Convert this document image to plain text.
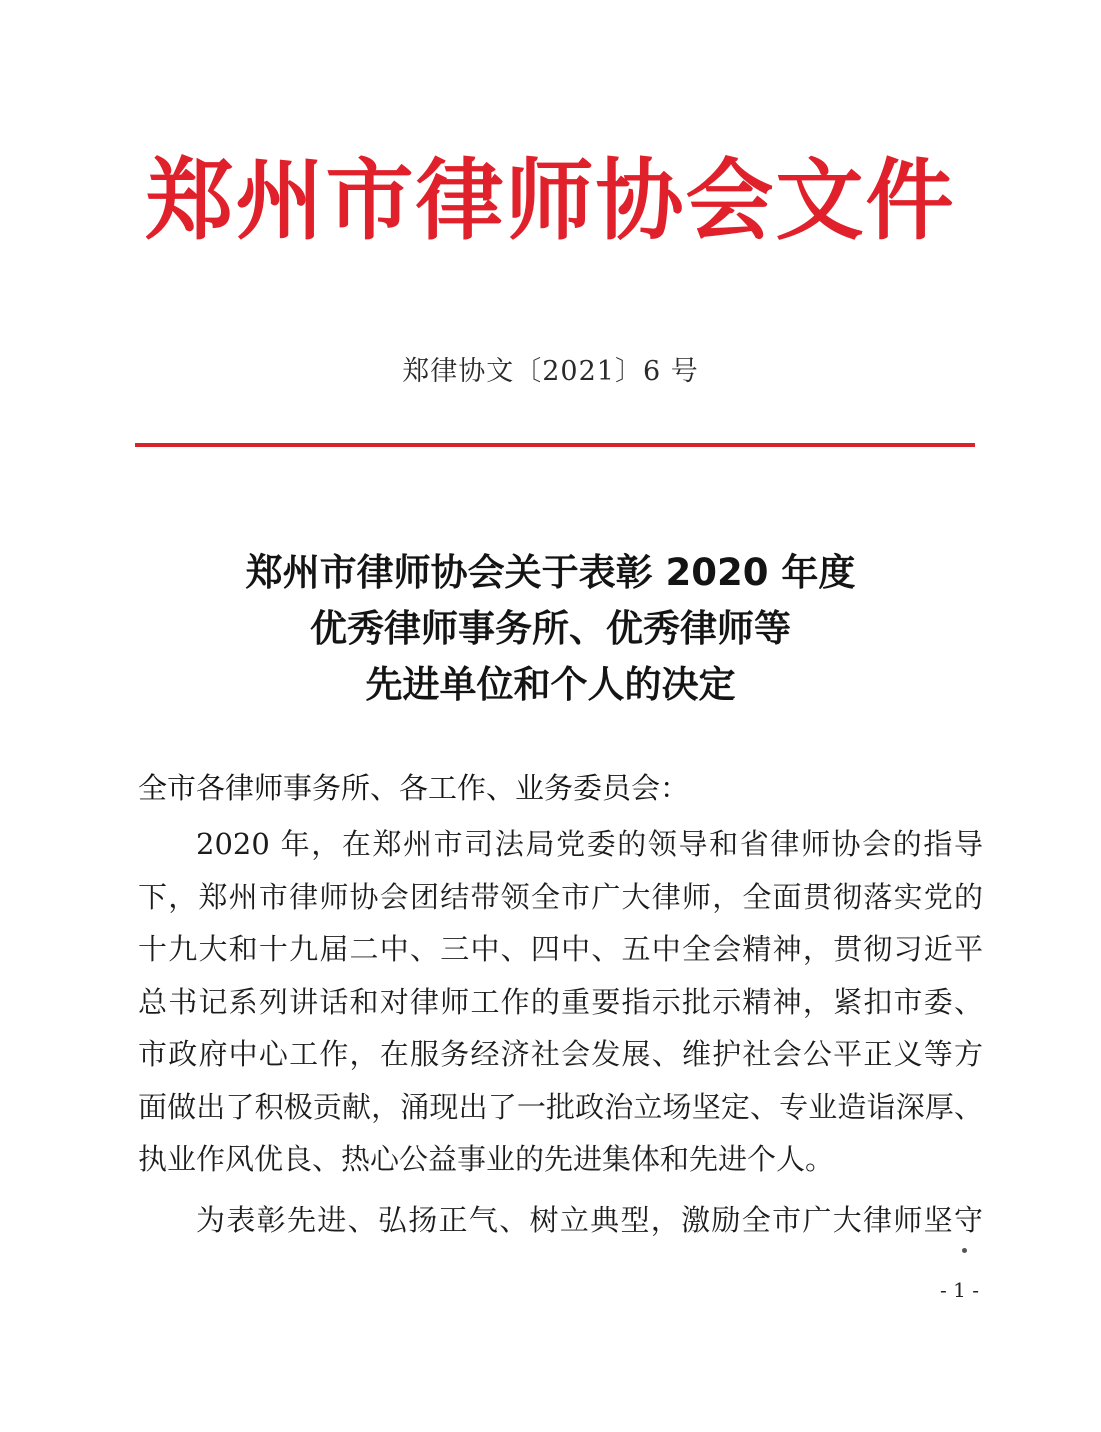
郑州市律师协会文件
郑律协文〔2021〕6 号
郑州市律师协会关于表彰 2020 年度
优秀律师事务所、优秀律师等
先进单位和个人的决定
全市各律师事务所、各工作、业务委员会：
2020 年，在郑州市司法局党委的领导和省律师协会的指导
下，郑州市律师协会团结带领全市广大律师，全面贯彻落实党的
十九大和十九届二中、三中、四中、五中全会精神，贯彻习近平
总书记系列讲话和对律师工作的重要指示批示精神，紧扣市委、
市政府中心工作，在服务经济社会发展、维护社会公平正义等方
面做出了积极贡献，涌现出了一批政治立场坚定、专业造诣深厚、
执业作风优良、热心公益事业的先进集体和先进个人。
为表彰先进、弘扬正气、树立典型，激励全市广大律师坚守
- 1 -
